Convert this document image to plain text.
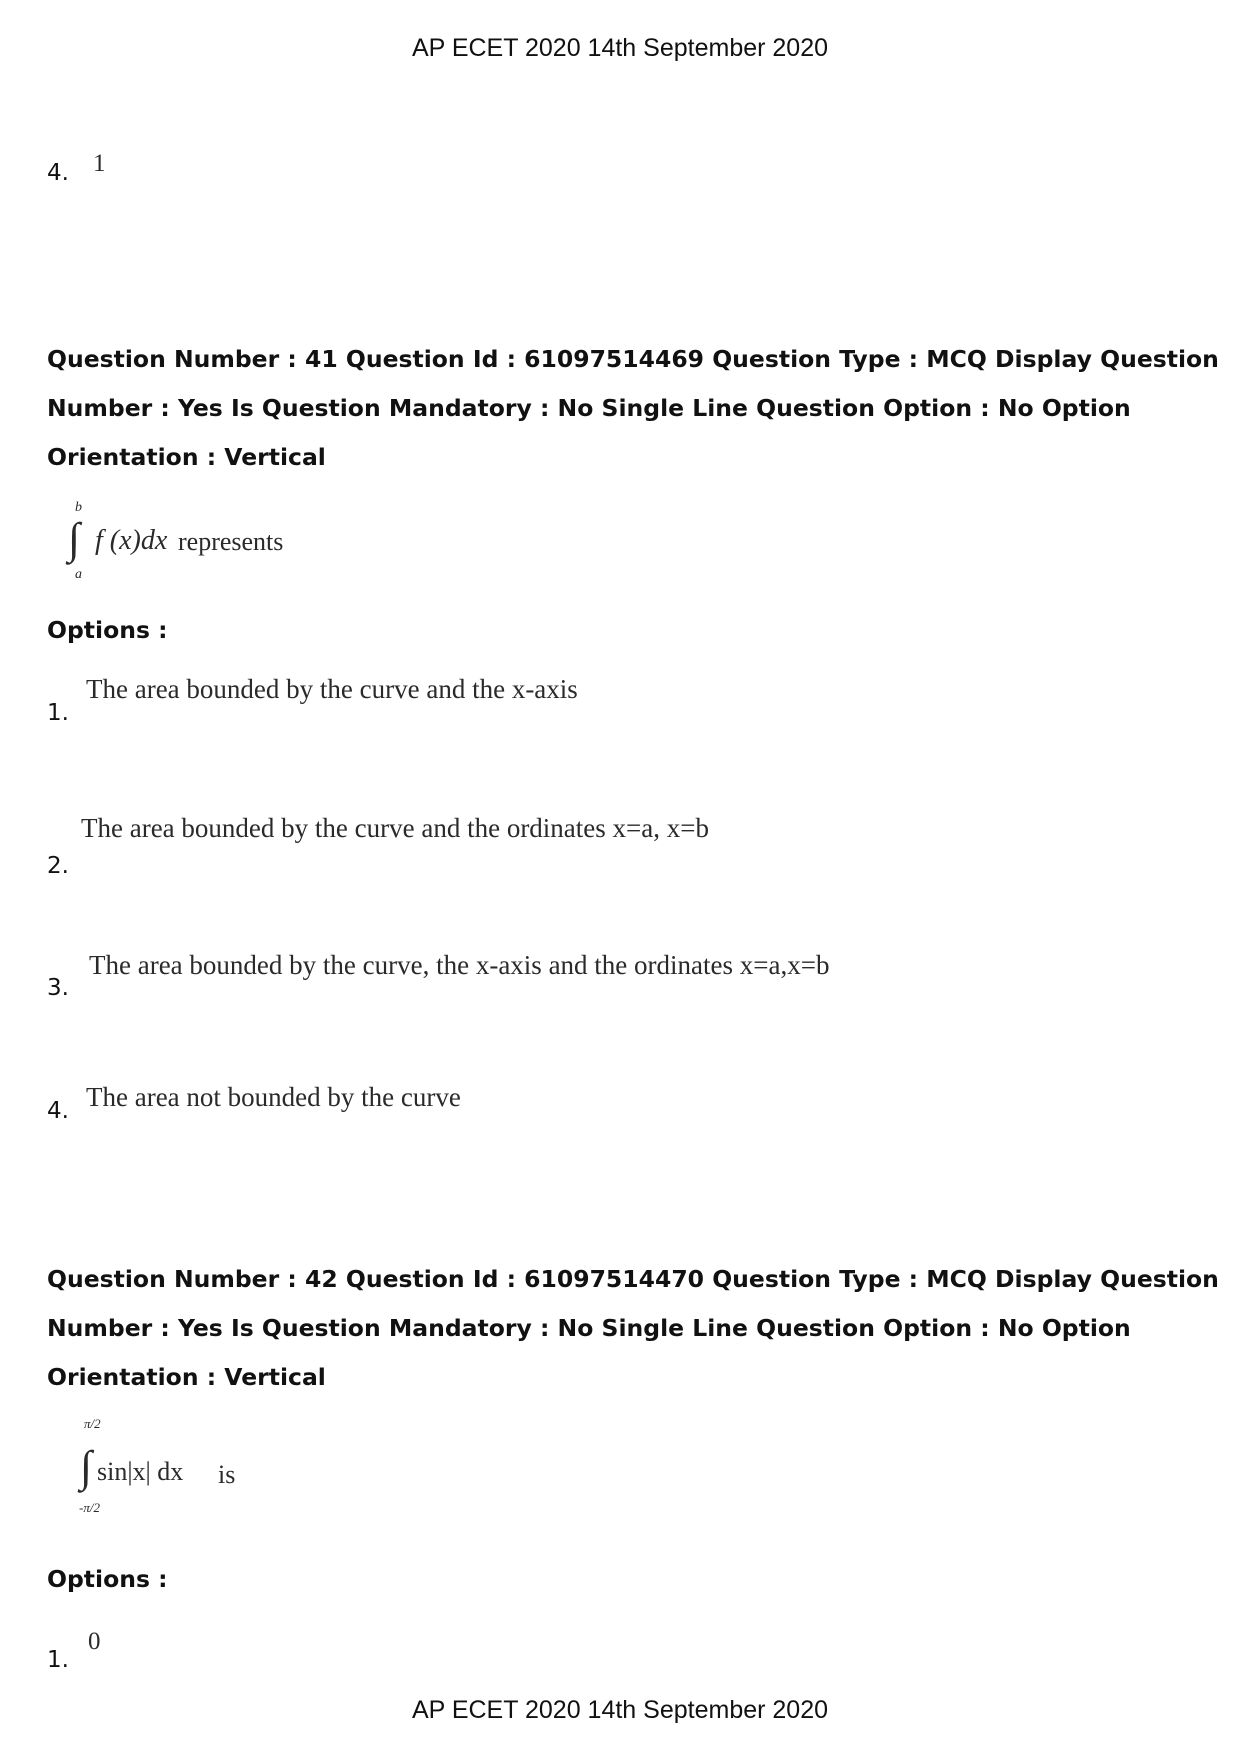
AP ECET 2020 14th September 2020
4. 1
Question Number : 41 Question Id : 61097514469 Question Type : MCQ Display Question
Number : Yes Is Question Mandatory : No Single Line Question Option : No Option
Orientation : Vertical
b
∫
a
f (x)dx represents
Options :
1.
The area bounded by the curve and the x-axis
2.
The area bounded by the curve and the ordinates x=a, x=b
3.
The area bounded by the curve, the x-axis and the ordinates x=a,x=b
4. The area not bounded by the curve
Question Number : 42 Question Id : 61097514470 Question Type : MCQ Display Question
Number : Yes Is Question Mandatory : No Single Line Question Option : No Option
Orientation : Vertical
π/2
∫
-π/2
sin|x| dx is
Options :
1.
0
AP ECET 2020 14th September 2020
